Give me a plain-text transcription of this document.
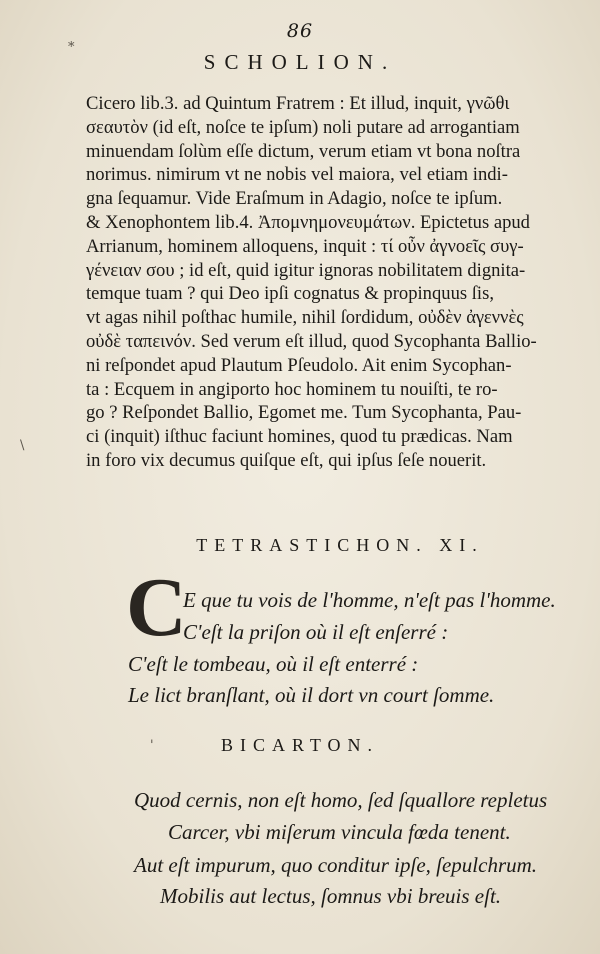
*
\
'
86
SCHOLION.
Cicero lib.3. ad Quintum Fratrem : Et illud, inquit, γνῶθι
σεαυτὸν (id eſt, noſce te ipſum) noli putare ad arrogantiam
minuendam ſolùm eſſe dictum, verum etiam vt bona noſtra
norimus. nimirum vt ne nobis vel maiora, vel etiam indi-
gna ſequamur. Vide Eraſmum in Adagio, noſce te ipſum.
& Xenophontem lib.4. Ἀπομνημονευμάτων. Epictetus apud
Arrianum, hominem alloquens, inquit : τί οὖν ἀγνοεῖς συγ-
γένειαν σου ; id eſt, quid igitur ignoras nobilitatem dignita-
temque tuam ? qui Deo ipſi cognatus & propinquus ſis,
vt agas nihil poſthac humile, nihil ſordidum, οὐδὲν ἀγεννὲς
οὐδὲ ταπεινόν. Sed verum eſt illud, quod Sycophanta Ballio-
ni reſpondet apud Plautum Pſeudolo. Ait enim Sycophan-
ta : Ecquem in angiporto hoc hominem tu nouiſti, te ro-
go ? Reſpondet Ballio, Egomet me. Tum Sycophanta, Pau-
ci (inquit) iſthuc faciunt homines, quod tu prædicas. Nam
in foro vix decumus quiſque eſt, qui ipſus ſeſe nouerit.
TETRASTICHON. XI.
C
E que tu vois de l'homme, n'eſt pas l'homme.
C'eſt la priſon où il eſt enſerré :
C'eſt le tombeau, où il eſt enterré :
Le lict branſlant, où il dort vn court ſomme.
BICARTON.
Quod cernis, non eſt homo, ſed ſquallore repletus
Carcer, vbi miſerum vincula fœda tenent.
Aut eſt impurum, quo conditur ipſe, ſepulchrum.
Mobilis aut lectus, ſomnus vbi breuis eſt.
